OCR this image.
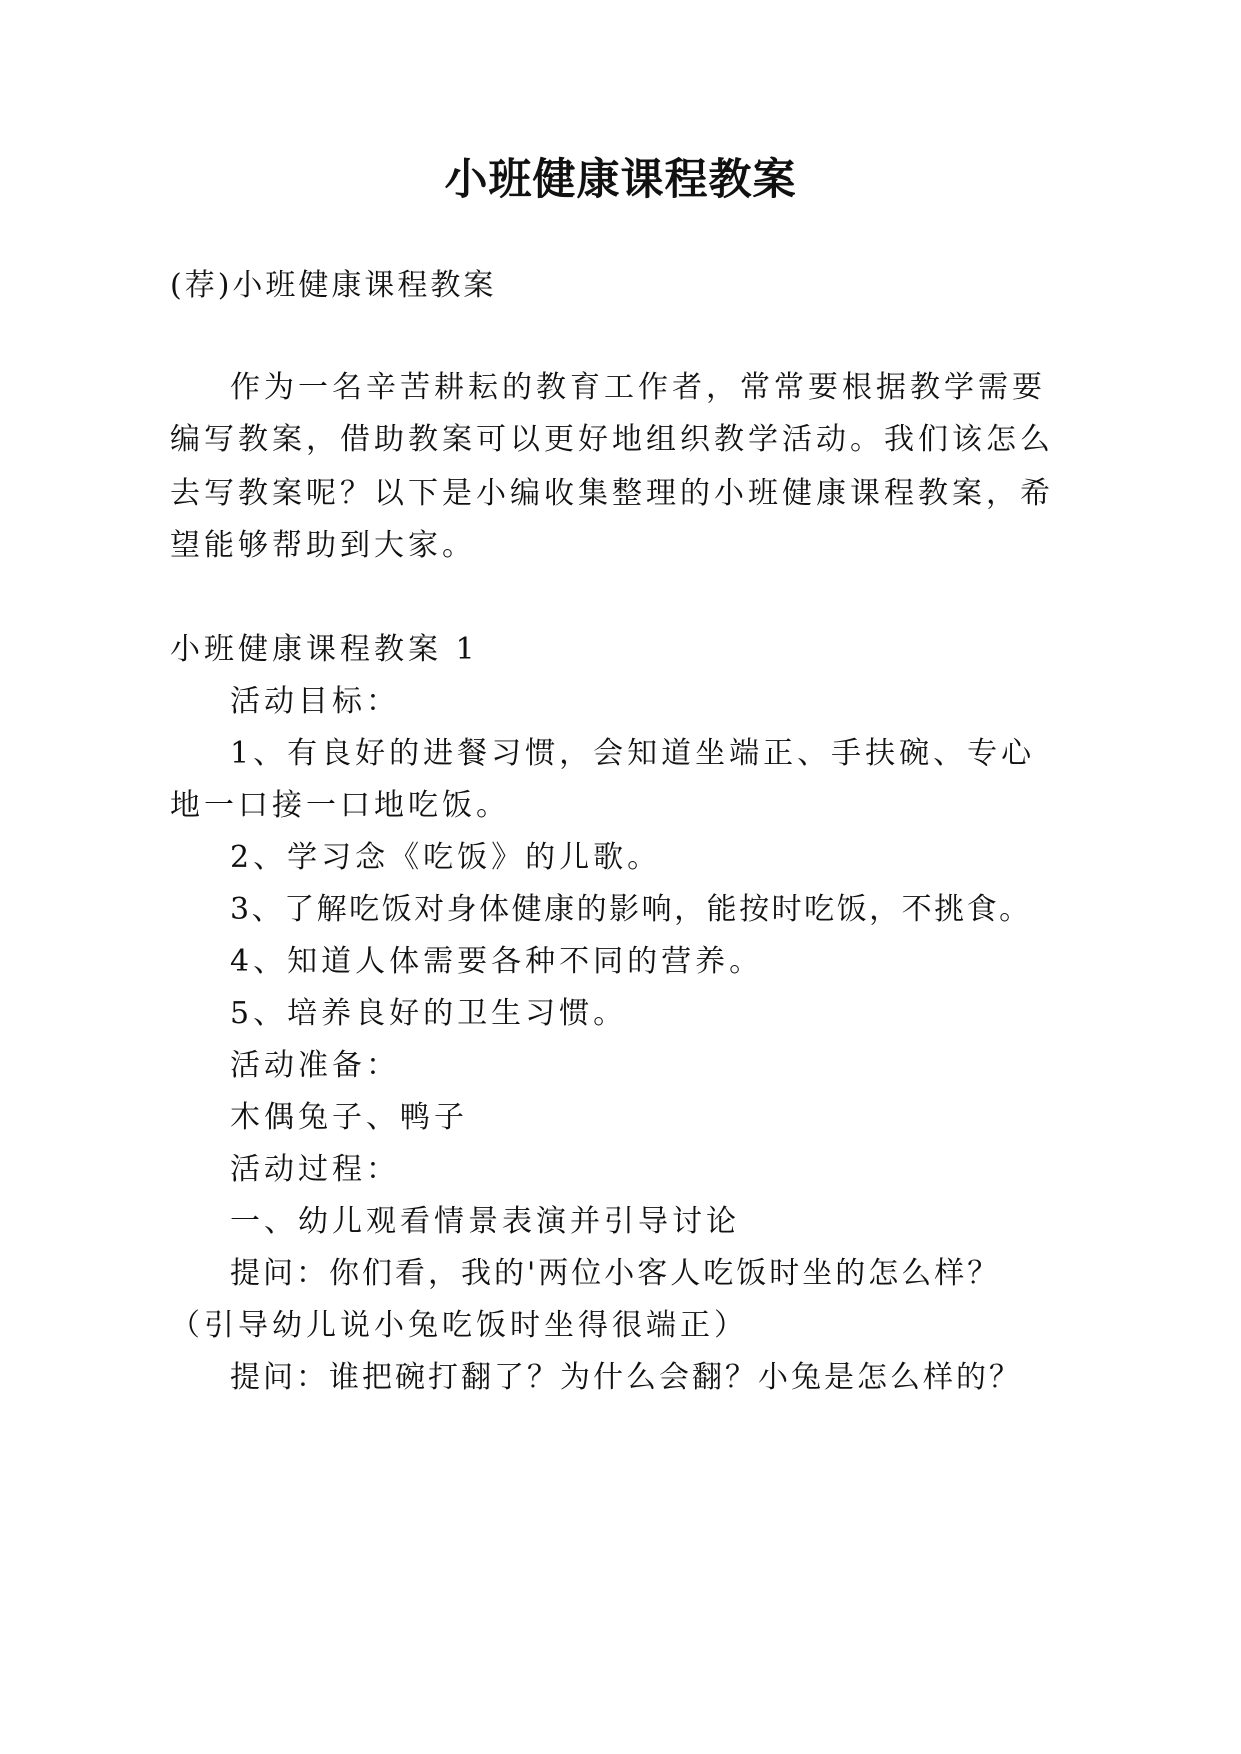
小班健康课程教案
(荐)小班健康课程教案
作为一名辛苦耕耘的教育工作者，常常要根据教学需要
编写教案，借助教案可以更好地组织教学活动。我们该怎么
去写教案呢？以下是小编收集整理的小班健康课程教案，希
望能够帮助到大家。
小班健康课程教案 1
活动目标：
1、有良好的进餐习惯，会知道坐端正、手扶碗、专心
地一口接一口地吃饭。
2、学习念《吃饭》的儿歌。
3、了解吃饭对身体健康的影响，能按时吃饭，不挑食。
4、知道人体需要各种不同的营养。
5、培养良好的卫生习惯。
活动准备：
木偶兔子、鸭子
活动过程：
一、幼儿观看情景表演并引导讨论
提问：你们看，我的'两位小客人吃饭时坐的怎么样？
（引导幼儿说小兔吃饭时坐得很端正）
提问：谁把碗打翻了？为什么会翻？小兔是怎么样的？
